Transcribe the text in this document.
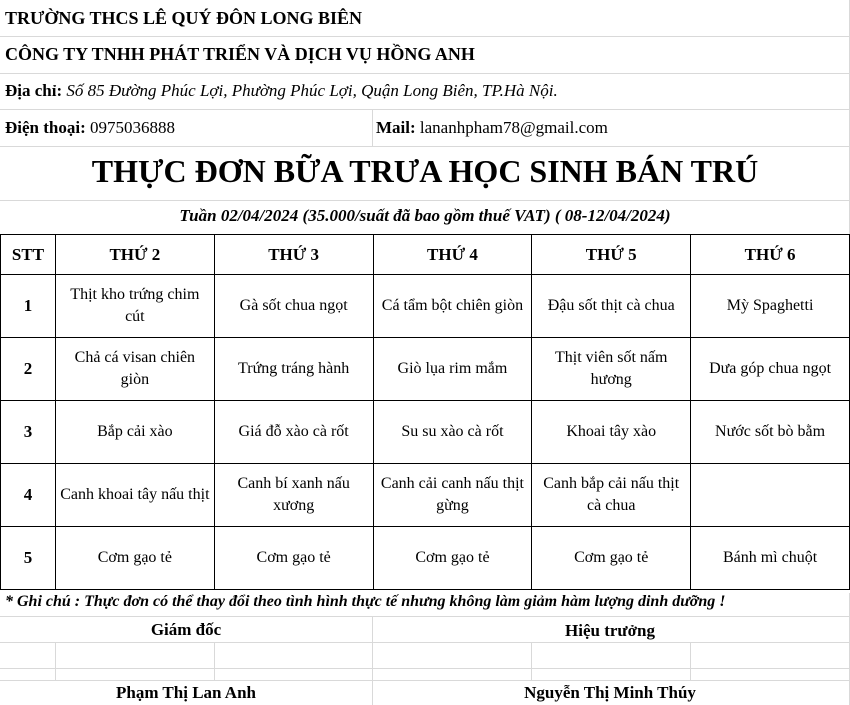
TRƯỜNG THCS LÊ QUÝ ĐÔN LONG BIÊN
CÔNG TY TNHH PHÁT TRIỂN VÀ DỊCH VỤ HỒNG ANH
Địa chỉ: Số 85 Đường Phúc Lợi, Phường Phúc Lợi, Quận Long Biên, TP.Hà Nội.
Điện thoại: 0975036888	Mail: lananhpham78@gmail.com
THỰC ĐƠN BỮA TRƯA HỌC SINH BÁN TRÚ
Tuần 02/04/2024 (35.000/suất đã bao gồm thuế VAT) ( 08-12/04/2024)
STT	THỨ 2	THỨ 3	THỨ 4	THỨ 5	THỨ 6
1	Thịt kho trứng chim cút	Gà sốt chua ngọt	Cá tẩm bột chiên giòn	Đậu sốt thịt cà chua	Mỳ Spaghetti
2	Chả cá visan chiên giòn	Trứng tráng hành	Giò lụa rim mắm	Thịt viên sốt nấm hương	Dưa góp chua ngọt
3	Bắp cải xào	Giá đỗ xào cà rốt	Su su xào cà rốt	Khoai tây xào	Nước sốt bò bằm
4	Canh khoai tây nấu thịt	Canh bí xanh nấu xương	Canh cải canh nấu thịt gừng	Canh bắp cải nấu thịt cà chua	
5	Cơm gạo tẻ	Cơm gạo tẻ	Cơm gạo tẻ	Cơm gạo tẻ	Bánh mì chuột
* Ghi chú : Thực đơn có thể thay đổi theo tình hình thực tế nhưng không làm giảm hàm lượng dinh dưỡng !
Giám đốc	Hiệu trưởng
Phạm Thị Lan Anh	Nguyễn Thị Minh Thúy
